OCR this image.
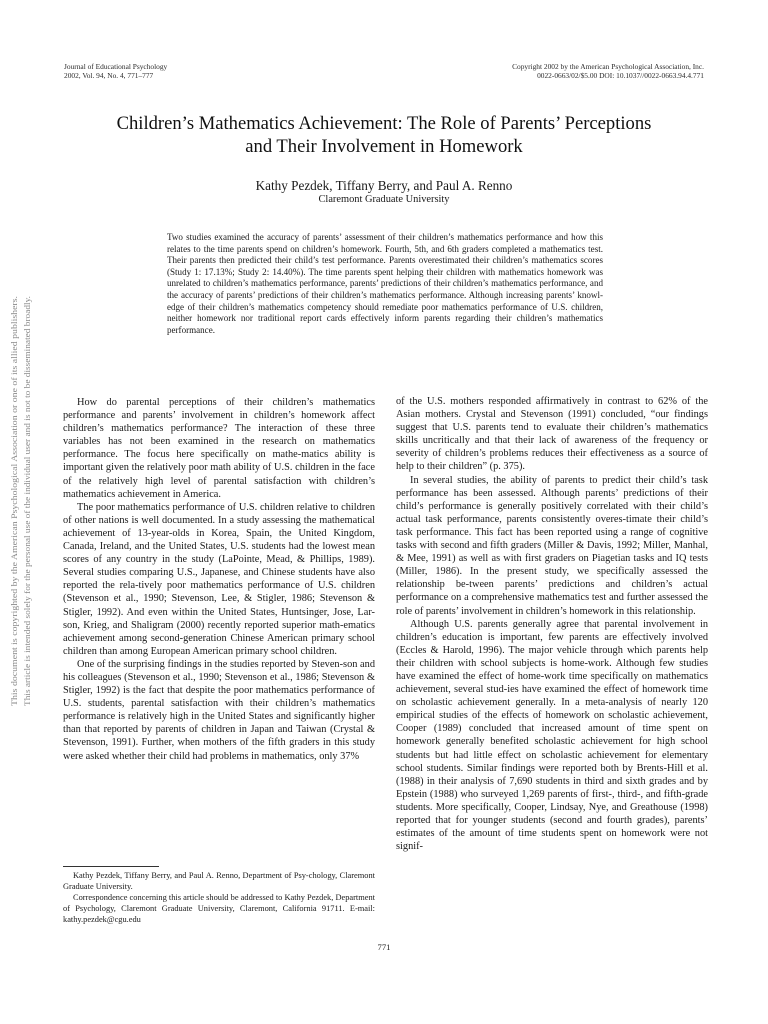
Journal of Educational Psychology
2002, Vol. 94, No. 4, 771–777
Copyright 2002 by the American Psychological Association, Inc.
0022-0663/02/$5.00 DOI: 10.1037//0022-0663.94.4.771
Children’s Mathematics Achievement: The Role of Parents’ Perceptions
and Their Involvement in Homework
Kathy Pezdek, Tiffany Berry, and Paul A. Renno
Claremont Graduate University

Two studies examined the accuracy of parents’ assessment of their children’s mathematics performance and how this relates to the time parents spend on children’s homework. Fourth, 5th, and 6th graders completed a mathematics test. Their parents then predicted their child’s test performance. Parents overestimated their children’s mathematics scores (Study 1: 17.13%; Study 2: 14.40%). The time parents spent helping their children with mathematics homework was unrelated to children’s mathematics performance, parents’ predictions of their children’s mathematics performance, and the accuracy of parents’ predictions of their children’s mathematics performance. Although increasing parents’ knowl-edge of their children’s mathematics competency should remediate poor mathematics performance of U.S. children, neither homework nor traditional report cards effectively inform parents regarding their children’s mathematics performance.

This document is copyrighted by the American Psychological Association or one of its allied publishers. This article is intended solely for the personal use of the individual user and is not to be disseminated broadly.	How do parental perceptions of their children’s mathematics performance and parents’ involvement in children’s homework affect children’s mathematics performance? The interaction of these three variables has not been examined in the research on mathematics performance. The focus here specifically on mathe-matics ability is important given the relatively poor math ability of U.S. children in the face of the relatively high level of parental satisfaction with children’s mathematics achievement in America.

The poor mathematics performance of U.S. children relative to children of other nations is well documented. In a study assessing the mathematical achievement of 13-year-olds in Korea, Spain, the United Kingdom, Canada, Ireland, and the United States, U.S. students had the lowest mean scores of any country in the study (LaPointe, Mead, & Phillips, 1989). Several studies comparing U.S., Japanese, and Chinese students have also reported the rela-tively poor mathematics performance of U.S. children (Stevenson et al., 1990; Stevenson, Lee, & Stigler, 1986; Stevenson & Stigler, 1992). And even within the United States, Huntsinger, Jose, Lar-son, Krieg, and Shaligram (2000) recently reported superior math-ematics achievement among second-generation Chinese American primary school children than among European American primary school children.

One of the surprising findings in the studies reported by Steven-son and his colleagues (Stevenson et al., 1990; Stevenson et al., 1986; Stevenson & Stigler, 1992) is the fact that despite the poor mathematics performance of U.S. students, parental satisfaction with their children’s mathematics performance is relatively high in the United States and significantly higher than that reported by parents of children in Japan and Taiwan (Crystal & Stevenson, 1991). Further, when mothers of the fifth graders in this study were asked whether their child had problems in mathematics, only 37%

of the U.S. mothers responded affirmatively in contrast to 62% of the Asian mothers. Crystal and Stevenson (1991) concluded, “our findings suggest that U.S. parents tend to evaluate their children’s mathematics skills uncritically and that their lack of awareness of the frequency or severity of children’s problems reduces their effectiveness as a source of help to their children” (p. 375).

In several studies, the ability of parents to predict their child’s task performance has been assessed. Although parents’ predictions of their child’s performance is generally positively correlated with their child’s actual task performance, parents consistently overes-timate their child’s task performance. This fact has been reported using a range of cognitive tasks with second and fifth graders (Miller & Davis, 1992; Miller, Manhal, & Mee, 1991) as well as with first graders on Piagetian tasks and IQ tests (Miller, 1986). In the present study, we specifically assessed the relationship be-tween parents’ predictions and children’s actual performance on a comprehensive mathematics test and further assessed the role of parents’ involvement in children’s homework in this relationship.

Although U.S. parents generally agree that parental involvement in children’s education is important, few parents are effectively involved (Eccles & Harold, 1996). The major vehicle through which parents help their children with school subjects is home-work. Although few studies have examined the effect of home-work time specifically on mathematics achievement, several stud-ies have examined the effect of homework time on scholastic achievement generally. In a meta-analysis of nearly 120 empirical studies of the effects of homework on scholastic achievement, Cooper (1989) concluded that increased amount of time spent on homework generally benefited scholastic achievement for high school students but had little effect on scholastic achievement for elementary school students. Similar findings were reported both by Brents-Hill et al. (1988) in their analysis of 7,690 students in third and sixth grades and by Epstein (1988) who surveyed 1,269 parents of first-, third-, and fifth-grade students. More specifically, Cooper, Lindsay, Nye, and Greathouse (1998) reported that for younger students (second and fourth grades), parents’ estimates of the amount of time students spent on homework were not signif-

Kathy Pezdek, Tiffany Berry, and Paul A. Renno, Department of Psy-chology, Claremont Graduate University.

Correspondence concerning this article should be addressed to Kathy Pezdek, Department of Psychology, Claremont Graduate University, Claremont, California 91711. E-mail: kathy.pezdek@cgu.edu

771
